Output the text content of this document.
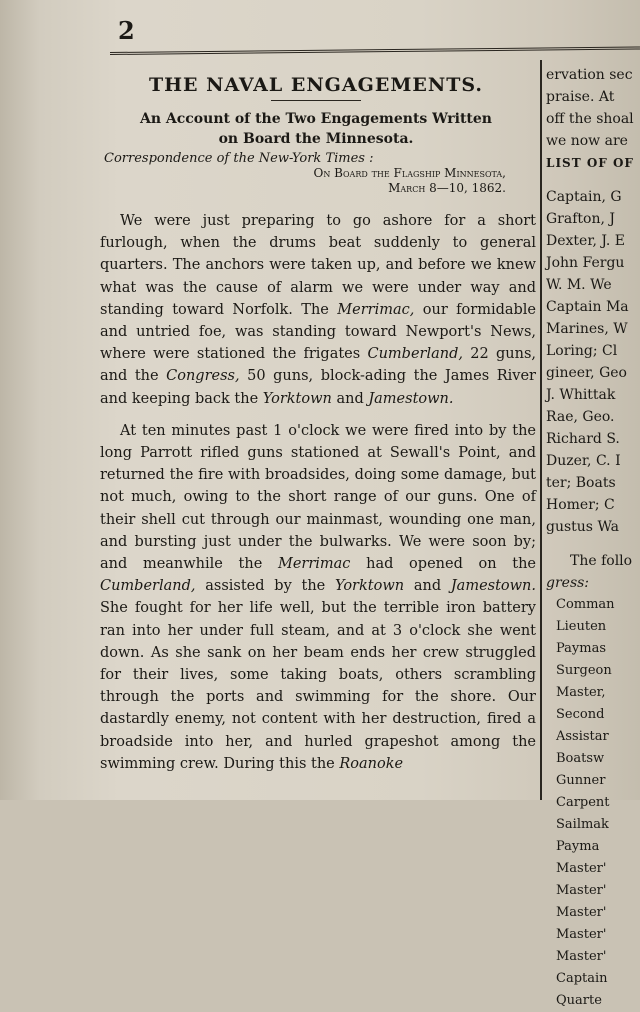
2
THE NAVAL ENGAGEMENTS.
An Account of the Two Engagements Written
on Board the Minnesota.
Correspondence of the New-York Times :
On Board the Flagship Minnesota,
March 8—10, 1862.

We were just preparing to go ashore for a short furlough, when the drums beat suddenly to general quarters. The anchors were taken up, and before we knew what was the cause of alarm we were under way and standing toward Norfolk. The Merrimac, our formidable and untried foe, was standing toward Newport's News, where were stationed the frigates Cumberland, 22 guns, and the Congress, 50 guns, block-ading the James River and keeping back the Yorktown and Jamestown.

At ten minutes past 1 o'clock we were fired into by the long Parrott rifled guns stationed at Sewall's Point, and returned the fire with broadsides, doing some damage, but not much, owing to the short range of our guns. One of their shell cut through our mainmast, wounding one man, and bursting just under the bulwarks. We were soon by; and meanwhile the Merrimac had opened on the Cumberland, assisted by the Yorktown and Jamestown. She fought for her life well, but the terrible iron battery ran into her under full steam, and at 3 o'clock she went down. As she sank on her beam ends her crew struggled for their lives, some taking boats, others scrambling through the ports and swimming for the shore. Our dastardly enemy, not content with her destruction, fired a broadside into her, and hurled grapeshot among the swimming crew. During this the Roanoke

ervation sec
praise. At
off the shoal
we now are
LIST OF OF
Captain, G
Grafton, J
Dexter, J. E
John Fergu
W. M. We
Captain Ma
Marines, W
Loring; Cl
gineer, Geo
J. Whittak
Rae, Geo.
Richard S.
Duzer, C. I
ter; Boats
Homer; C
gustus Wa
The follo
gress:
Comman
Lieuten
Paymas
Surgeon
Master,
Second
Assistar
Boatsw
Gunner
Carpent
Sailmak
Payma
Master'
Master'
Master'
Master'
Master'
Captain
Quarte
